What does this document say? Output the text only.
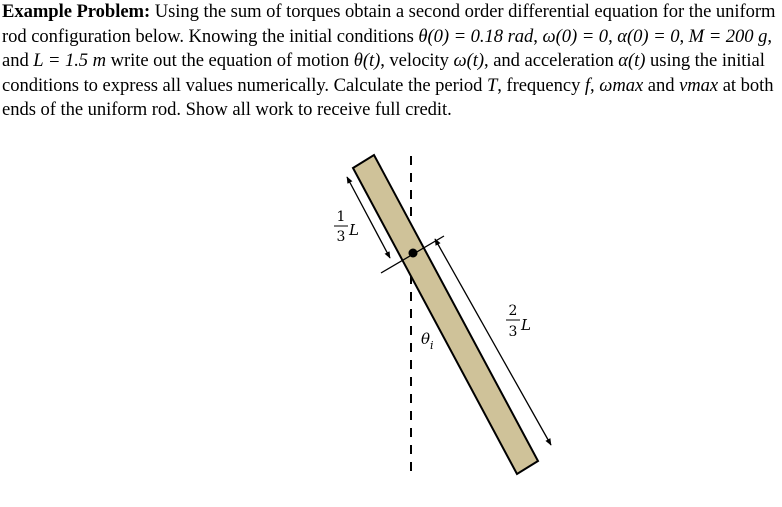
Example Problem: Using the sum of torques obtain a second order differential equation for the uniform rod configuration below. Knowing the initial conditions θ(0) = 0.18 rad, ω(0) = 0, α(0) = 0, M = 200 g, and L = 1.5 m write out the equation of motion θ(t), velocity ω(t), and acceleration α(t) using the initial conditions to express all values numerically. Calculate the period T, frequency f, ωmax and vmax at both ends of the uniform rod. Show all work to receive full credit.
1
3 L
2
3 L
θ i
